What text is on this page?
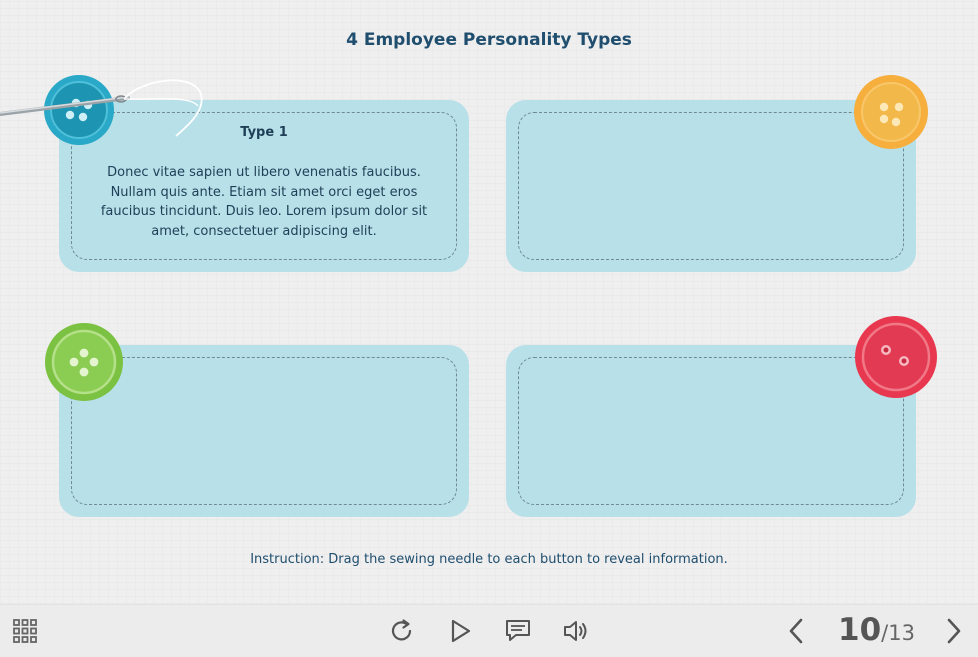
4 Employee Personality Types
Type 1
Donec vitae sapien ut libero venenatis faucibus. Nullam quis ante. Etiam sit amet orci eget eros faucibus tincidunt. Duis leo. Lorem ipsum dolor sit amet, consectetuer adipiscing elit.
Instruction: Drag the sewing needle to each button to reveal information.
10 / 13
